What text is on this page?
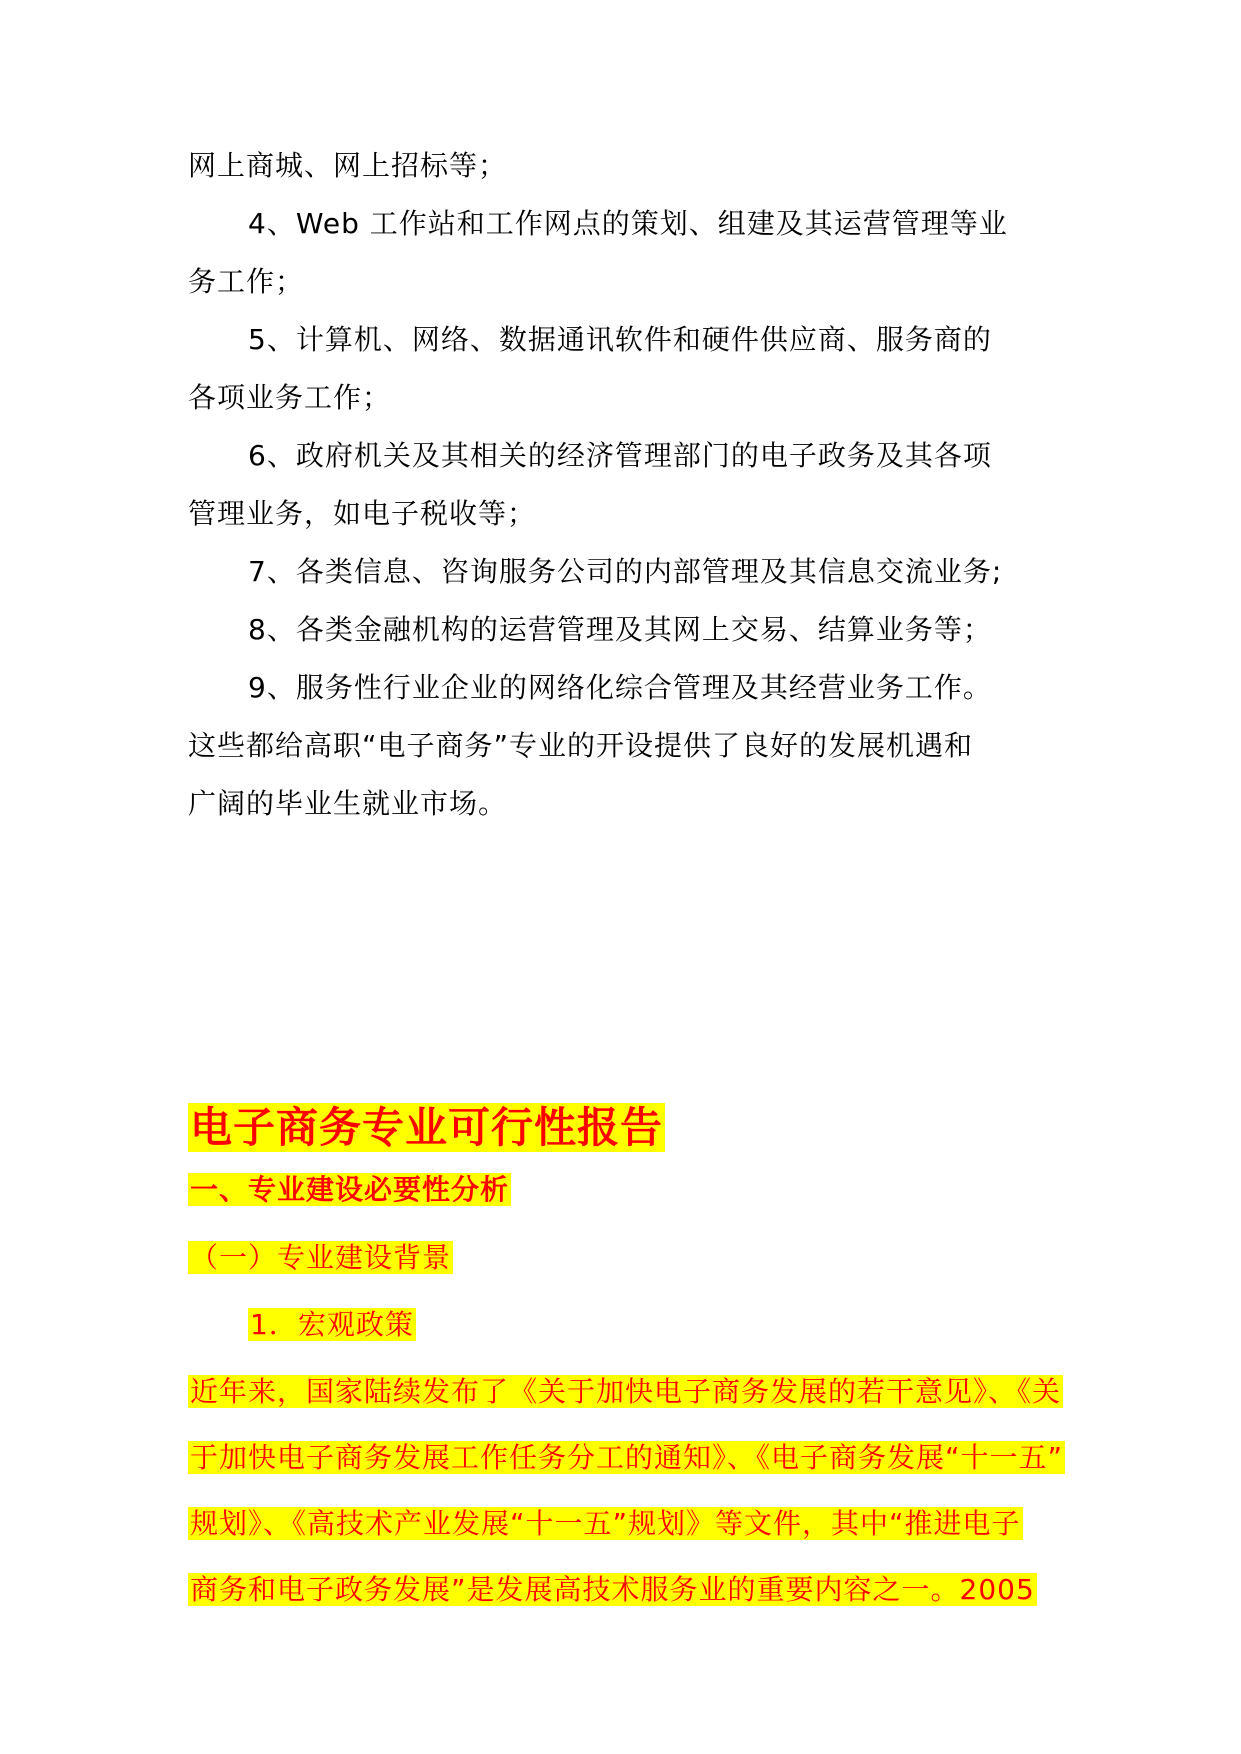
网上商城、网上招标等；
4、Web 工作站和工作网点的策划、组建及其运营管理等业
务工作；
5、计算机、网络、数据通讯软件和硬件供应商、服务商的
各项业务工作；
6、政府机关及其相关的经济管理部门的电子政务及其各项
管理业务，如电子税收等；
7、各类信息、咨询服务公司的内部管理及其信息交流业务;
8、各类金融机构的运营管理及其网上交易、结算业务等；
9、服务性行业企业的网络化综合管理及其经营业务工作。
这些都给高职“电子商务”专业的开设提供了良好的发展机遇和
广阔的毕业生就业市场。
电子商务专业可行性报告
一、专业建设必要性分析
（一）专业建设背景
1．宏观政策
近年来，国家陆续发布了《关于加快电子商务发展的若干意见》、《关
于加快电子商务发展工作任务分工的通知》、《电子商务发展“十一五”
规划》、《高技术产业发展“十一五”规划》等文件，其中“推进电子
商务和电子政务发展”是发展高技术服务业的重要内容之一。2005
